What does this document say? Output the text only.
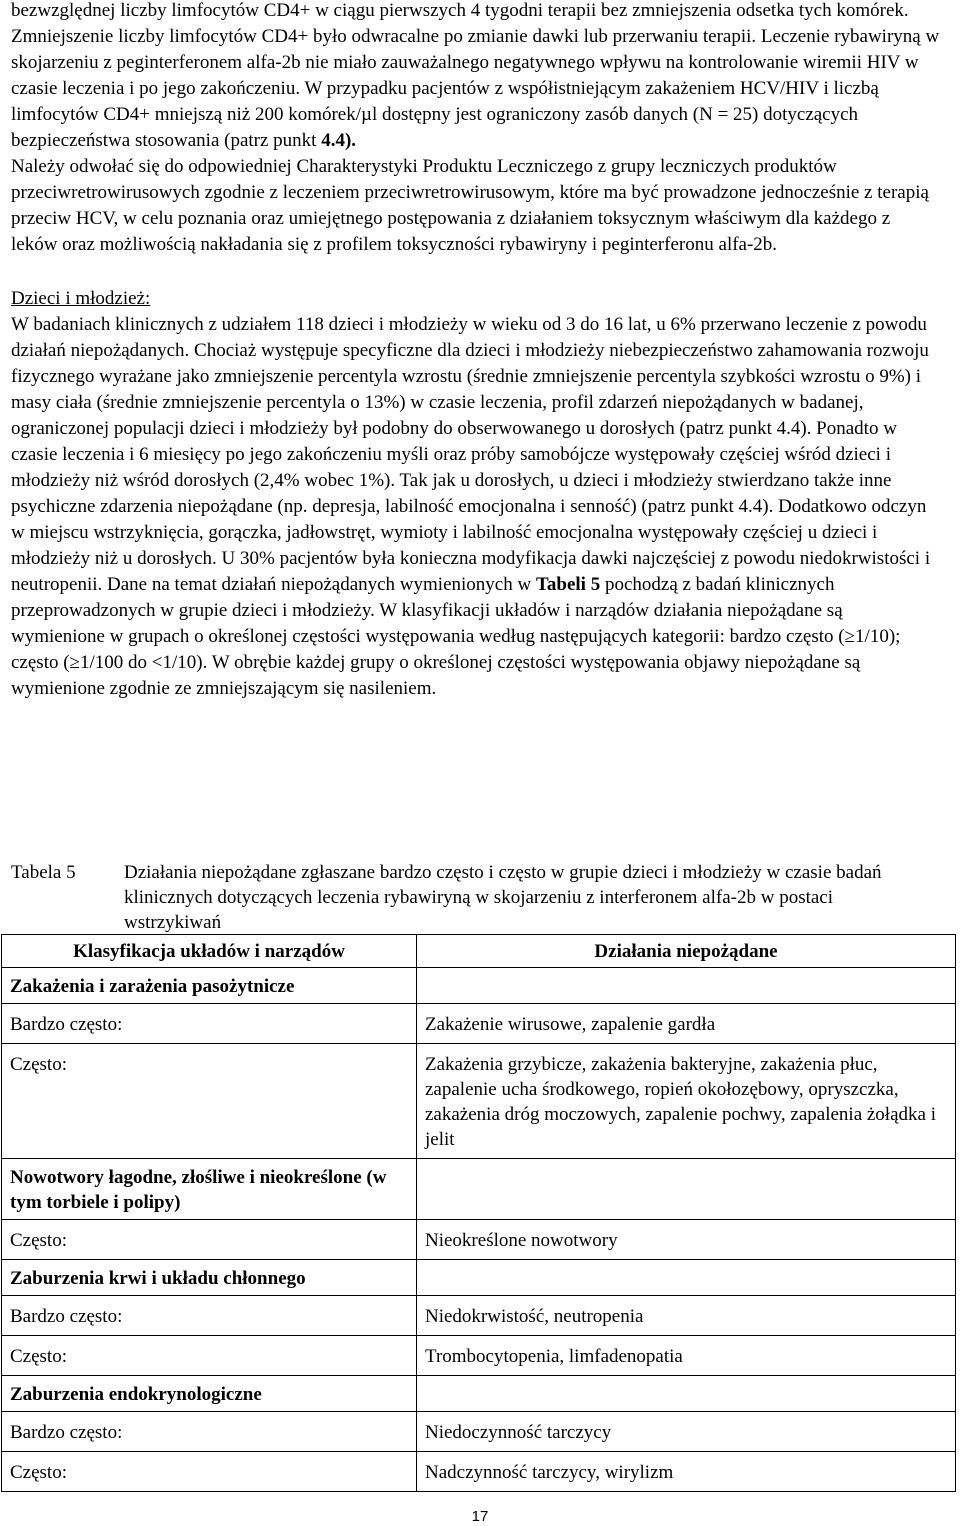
bezwzględnej liczby limfocytów CD4+ w ciągu pierwszych 4 tygodni terapii bez zmniejszenia odsetka tych komórek. Zmniejszenie liczby limfocytów CD4+ było odwracalne po zmianie dawki lub przerwaniu terapii. Leczenie rybawiryną w skojarzeniu z peginterferonem alfa-2b nie miało zauważalnego negatywnego wpływu na kontrolowanie wiremii HIV w czasie leczenia i po jego zakończeniu. W przypadku pacjentów z współistniejącym zakażeniem HCV/HIV i liczbą limfocytów CD4+ mniejszą niż 200 komórek/µl dostępny jest ograniczony zasób danych (N = 25) dotyczących bezpieczeństwa stosowania (patrz punkt 4.4).

Należy odwołać się do odpowiedniej Charakterystyki Produktu Leczniczego z grupy leczniczych produktów przeciwretrowirusowych zgodnie z leczeniem przeciwretrowirusowym, które ma być prowadzone jednocześnie z terapią przeciw HCV, w celu poznania oraz umiejętnego postępowania z działaniem toksycznym właściwym dla każdego z leków oraz możliwością nakładania się z profilem toksyczności rybawiryny i peginterferonu alfa-2b.

Dzieci i młodzież:

W badaniach klinicznych z udziałem 118 dzieci i młodzieży w wieku od 3 do 16 lat, u 6% przerwano leczenie z powodu działań niepożądanych. Chociaż występuje specyficzne dla dzieci i młodzieży niebezpieczeństwo zahamowania rozwoju fizycznego wyrażane jako zmniejszenie percentyla wzrostu (średnie zmniejszenie percentyla szybkości wzrostu o 9%) i masy ciała (średnie zmniejszenie percentyla o 13%) w czasie leczenia, profil zdarzeń niepożądanych w badanej, ograniczonej populacji dzieci i młodzieży był podobny do obserwowanego u dorosłych (patrz punkt 4.4). Ponadto w czasie leczenia i 6 miesięcy po jego zakończeniu myśli oraz próby samobójcze występowały częściej wśród dzieci i młodzieży niż wśród dorosłych (2,4% wobec 1%). Tak jak u dorosłych, u dzieci i młodzieży stwierdzano także inne psychiczne zdarzenia niepożądane (np. depresja, labilność emocjonalna i senność) (patrz punkt 4.4). Dodatkowo odczyn w miejscu wstrzyknięcia, gorączka, jadłowstręt, wymioty i labilność emocjonalna występowały częściej u dzieci i młodzieży niż u dorosłych. U 30% pacjentów była konieczna modyfikacja dawki najczęściej z powodu niedokrwistości i neutropenii. Dane na temat działań niepożądanych wymienionych w Tabeli 5 pochodzą z badań klinicznych przeprowadzonych w grupie dzieci i młodzieży. W klasyfikacji układów i narządów działania niepożądane są wymienione w grupach o określonej częstości występowania według następujących kategorii: bardzo często (≥1/10); często (≥1/100 do <1/10). W obrębie każdej grupy o określonej częstości występowania objawy niepożądane są wymienione zgodnie ze zmniejszającym się nasileniem.

Tabela 5	Działania niepożądane zgłaszane bardzo często i często w grupie dzieci i młodzieży w czasie badań klinicznych dotyczących leczenia rybawiryną w skojarzeniu z interferonem alfa-2b w postaci wstrzykiwań
Klasyfikacja układów i narządów	Działania niepożądane
Zakażenia i zarażenia pasożytnicze	
Bardzo często:	Zakażenie wirusowe, zapalenie gardła
Często:	Zakażenia grzybicze, zakażenia bakteryjne, zakażenia płuc, zapalenie ucha środkowego, ropień okołozębowy, opryszczka, zakażenia dróg moczowych, zapalenie pochwy, zapalenia żołądka i jelit
Nowotwory łagodne, złośliwe i nieokreślone (w tym torbiele i polipy)	
Często:	Nieokreślone nowotwory
Zaburzenia krwi i układu chłonnego	
Bardzo często:	Niedokrwistość, neutropenia
Często:	Trombocytopenia, limfadenopatia
Zaburzenia endokrynologiczne	
Bardzo często:	Niedoczynność tarczycy
Często:	Nadczynność tarczycy, wirylizm
17
